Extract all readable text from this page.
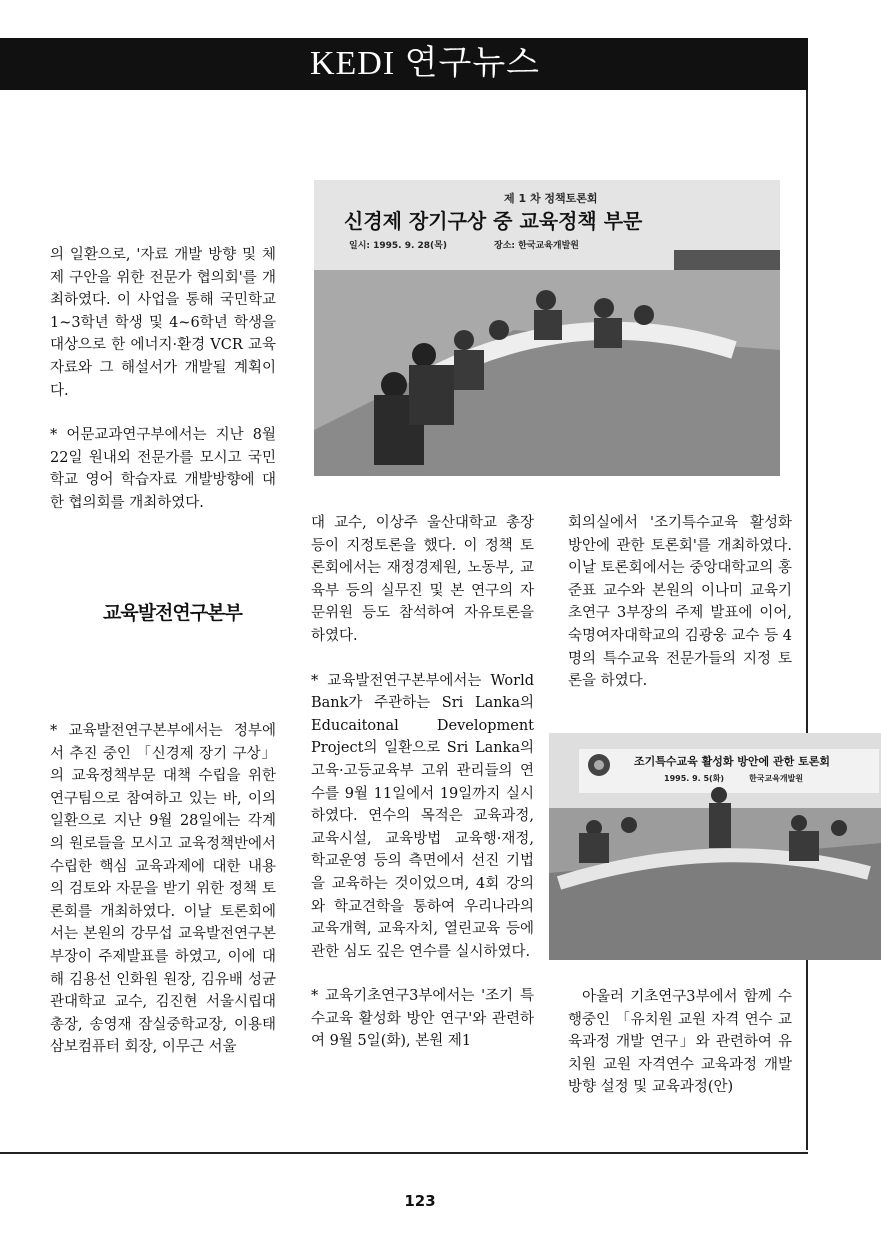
KEDI 연구뉴스

의 일환으로, '자료 개발 방향 및 체제 구안을 위한 전문가 협의회'를 개최하였다. 이 사업을 통해 국민학교 1~3학년 학생 및 4~6학년 학생을 대상으로 한 에너지·환경 VCR 교육자료와 그 해설서가 개발될 계획이다.

* 어문교과연구부에서는 지난 8월 22일 원내외 전문가를 모시고 국민학교 영어 학습자료 개발방향에 대한 협의회를 개최하였다.

교육발전연구본부

* 교육발전연구본부에서는 정부에서 추진 중인 「신경제 장기 구상」의 교육정책부문 대책 수립을 위한 연구팀으로 참여하고 있는 바, 이의 일환으로 지난 9월 28일에는 각계의 원로들을 모시고 교육정책반에서 수립한 핵심 교육과제에 대한 내용의 검토와 자문을 받기 위한 정책 토론회를 개최하였다. 이날 토론회에서는 본원의 강무섭 교육발전연구본부장이 주제발표를 하였고, 이에 대해 김용선 인화원 원장, 김유배 성균관대학교 교수, 김진현 서울시립대 총장, 송영재 잠실중학교장, 이용태 삼보컴퓨터 회장, 이무근 서울

제 1 차 정책토론회
신경제 장기구상 중 교육정책 부문
일시: 1995. 9. 28(목)	장소: 한국교육개발원

대 교수, 이상주 울산대학교 총장 등이 지정토론을 했다. 이 정책 토론회에서는 재정경제원, 노동부, 교육부 등의 실무진 및 본 연구의 자문위원 등도 참석하여 자유토론을 하였다.

* 교육발전연구본부에서는 World Bank가 주관하는 Sri Lanka의 Educaitonal Development Project의 일환으로 Sri Lanka의 고육·고등교육부 고위 관리들의 연수를 9월 11일에서 19일까지 실시하였다. 연수의 목적은 교육과정, 교육시설, 교육방법 교육행·재정, 학교운영 등의 측면에서 선진 기법을 교육하는 것이었으며, 4회 강의와 학교견학을 통하여 우리나라의 교육개혁, 교육자치, 열린교육 등에 관한 심도 깊은 연수를 실시하였다.

* 교육기초연구3부에서는 '조기 특수교육 활성화 방안 연구'와 관련하여 9월 5일(화), 본원 제1

회의실에서 '조기특수교육 활성화 방안에 관한 토론회'를 개최하였다. 이날 토론회에서는 중앙대학교의 홍준표 교수와 본원의 이나미 교육기초연구 3부장의 주제 발표에 이어, 숙명여자대학교의 김광웅 교수 등 4명의 특수교육 전문가들의 지정 토론을 하였다.

조기특수교육 활성화 방안에 관한 토론회
1995. 9. 5(화)	한국교육개발원

아울러 기초연구3부에서 함께 수행중인 「유치원 교원 자격 연수 교육과정 개발 연구」와 관련하여 유치원 교원 자격연수 교육과정 개발 방향 설정 및 교육과정(안)

123
